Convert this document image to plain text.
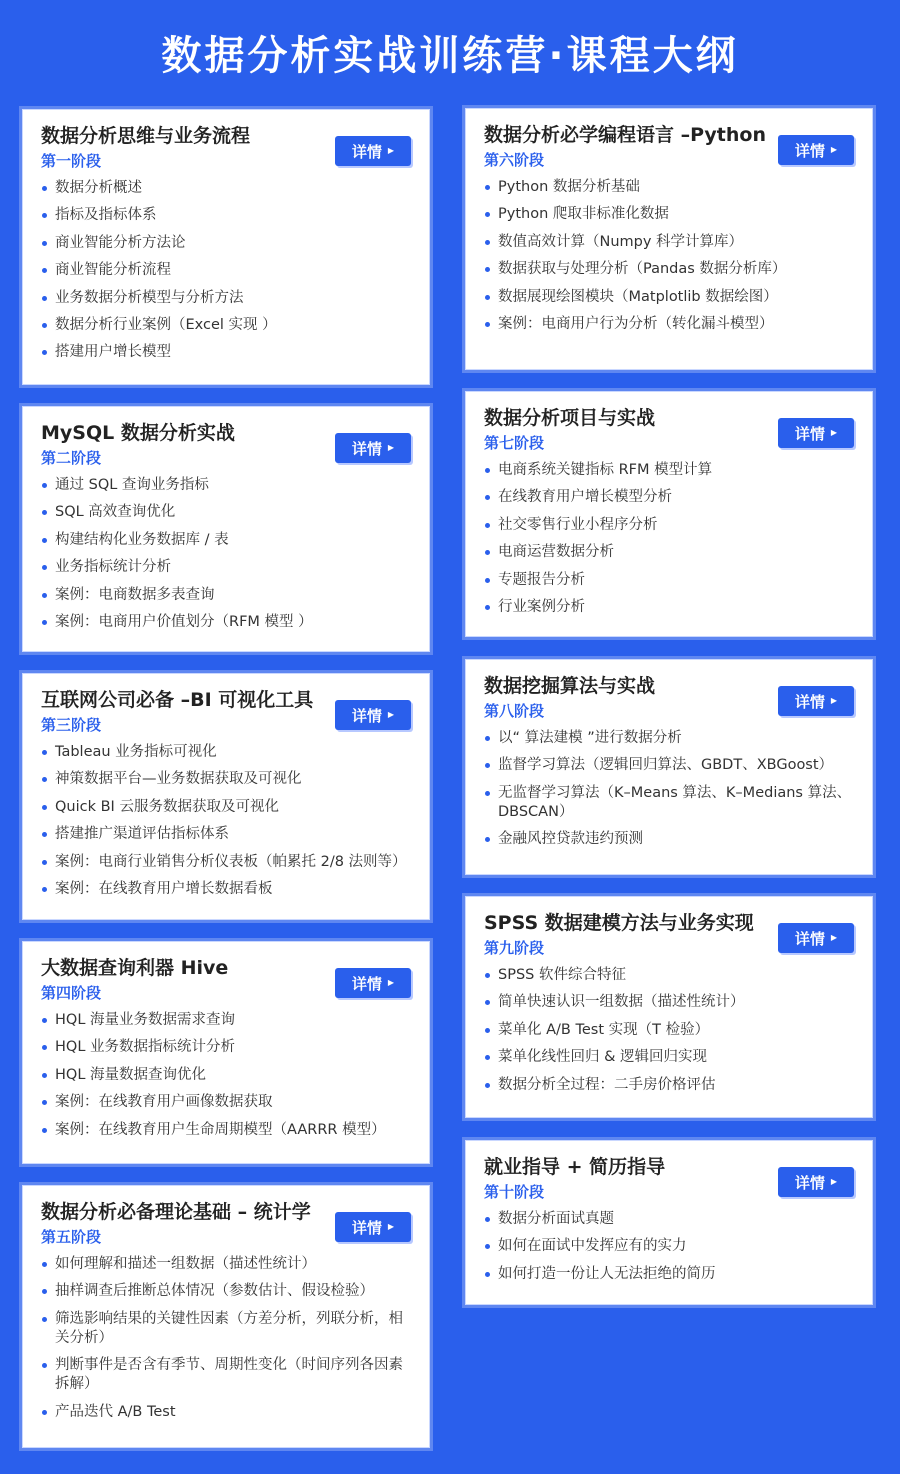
数据分析实战训练营·课程大纲
数据分析思维与业务流程
第一阶段
详情 ▶
数据分析概述
指标及指标体系
商业智能分析方法论
商业智能分析流程
业务数据分析模型与分析方法
数据分析行业案例（Excel 实现 ）
搭建用户增长模型
MySQL 数据分析实战
第二阶段
详情 ▶
通过 SQL 查询业务指标
SQL 高效查询优化
构建结构化业务数据库 / 表
业务指标统计分析
案例：电商数据多表查询
案例：电商用户价值划分（RFM 模型 ）
互联网公司必备 –BI 可视化工具
第三阶段
详情 ▶
Tableau 业务指标可视化
神策数据平台—业务数据获取及可视化
Quick BI 云服务数据获取及可视化
搭建推广渠道评估指标体系
案例：电商行业销售分析仪表板（帕累托 2/8 法则等）
案例：在线教育用户增长数据看板
大数据查询利器 Hive
第四阶段
详情 ▶
HQL 海量业务数据需求查询
HQL 业务数据指标统计分析
HQL 海量数据查询优化
案例：在线教育用户画像数据获取
案例：在线教育用户生命周期模型（AARRR 模型）
数据分析必备理论基础 – 统计学
第五阶段
详情 ▶
如何理解和描述一组数据（描述性统计）
抽样调查后推断总体情况（参数估计、假设检验）
筛选影响结果的关键性因素（方差分析，列联分析，相关分析）
判断事件是否含有季节、周期性变化（时间序列各因素拆解）
产品迭代 A/B Test
数据分析必学编程语言 –Python
第六阶段
详情 ▶
Python 数据分析基础
Python 爬取非标准化数据
数值高效计算（Numpy 科学计算库）
数据获取与处理分析（Pandas 数据分析库）
数据展现绘图模块（Matplotlib 数据绘图）
案例：电商用户行为分析（转化漏斗模型）
数据分析项目与实战
第七阶段
详情 ▶
电商系统关键指标 RFM 模型计算
在线教育用户增长模型分析
社交零售行业小程序分析
电商运营数据分析
专题报告分析
行业案例分析
数据挖掘算法与实战
第八阶段
详情 ▶
以“ 算法建模 ”进行数据分析
监督学习算法（逻辑回归算法、GBDT、XBGoost）
无监督学习算法（K–Means 算法、K–Medians 算法、DBSCAN）
金融风控贷款违约预测
SPSS 数据建模方法与业务实现
第九阶段
详情 ▶
SPSS 软件综合特征
简单快速认识一组数据（描述性统计）
菜单化 A/B Test 实现（T 检验）
菜单化线性回归 & 逻辑回归实现
数据分析全过程：二手房价格评估
就业指导 + 简历指导
第十阶段
详情 ▶
数据分析面试真题
如何在面试中发挥应有的实力
如何打造一份让人无法拒绝的简历
